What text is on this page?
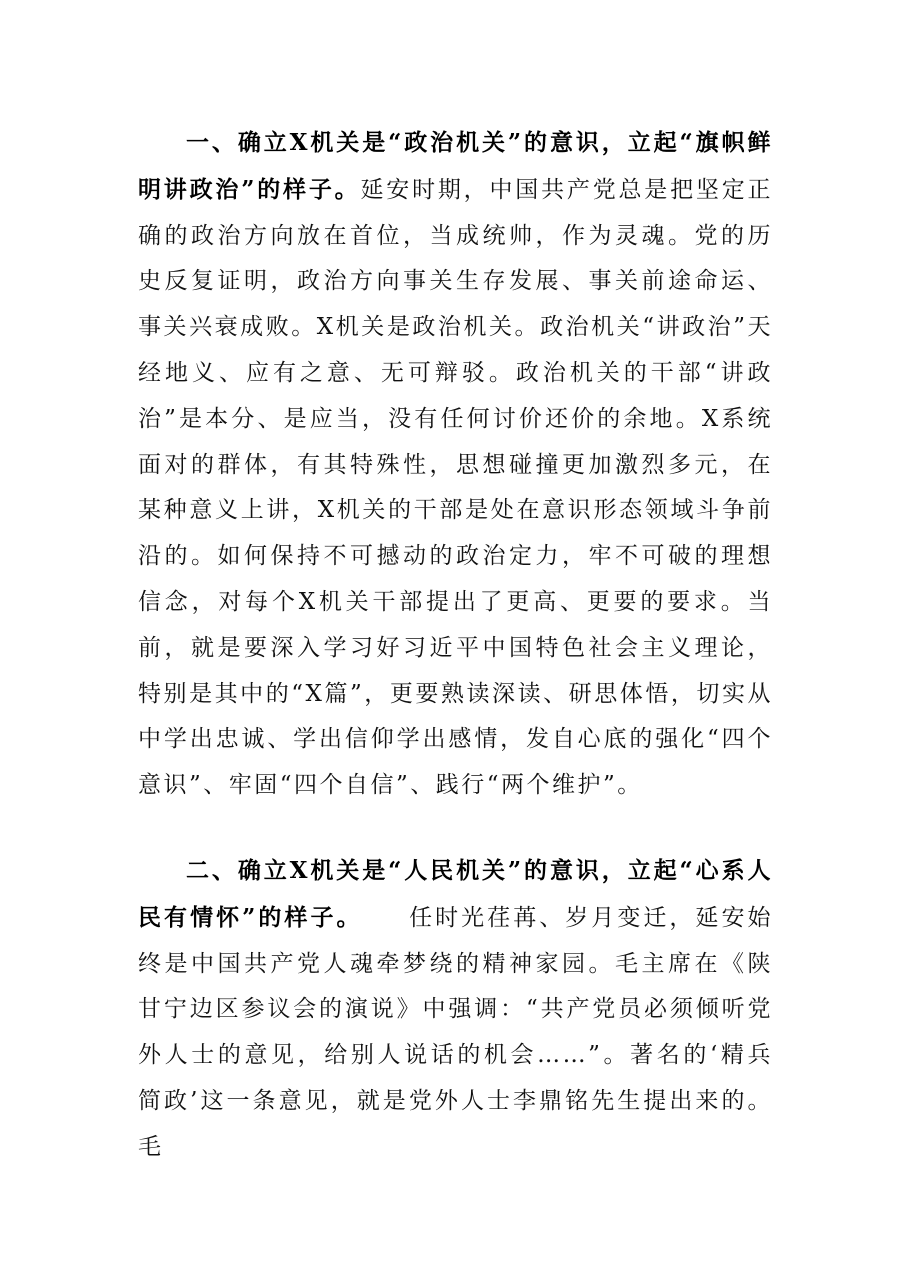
一、确立X机关是“政治机关”的意识，立起“旗帜鲜明讲政治”的样子。延安时期，中国共产党总是把坚定正确的政治方向放在首位，当成统帅，作为灵魂。党的历史反复证明，政治方向事关生存发展、事关前途命运、事关兴衰成败。X机关是政治机关。政治机关“讲政治”天经地义、应有之意、无可辩驳。政治机关的干部“讲政治”是本分、是应当，没有任何讨价还价的余地。X系统面对的群体，有其特殊性，思想碰撞更加激烈多元，在某种意义上讲，X机关的干部是处在意识形态领域斗争前沿的。如何保持不可撼动的政治定力，牢不可破的理想信念，对每个X机关干部提出了更高、更要的要求。当前，就是要深入学习好习近平中国特色社会主义理论，特别是其中的“X篇”，更要熟读深读、研思体悟，切实从中学出忠诚、学出信仰学出感情，发自心底的强化“四个意识”、牢固“四个自信”、践行“两个维护”。

二、确立X机关是“人民机关”的意识，立起“心系人民有情怀”的样子。 任时光荏苒、岁月变迁，延安始终是中国共产党人魂牵梦绕的精神家园。毛主席在《陕甘宁边区参议会的演说》中强调：“共产党员必须倾听党外人士的意见，给别人说话的机会……”。著名的‘精兵简政’这一条意见，就是党外人士李鼎铭先生提出来的。毛
